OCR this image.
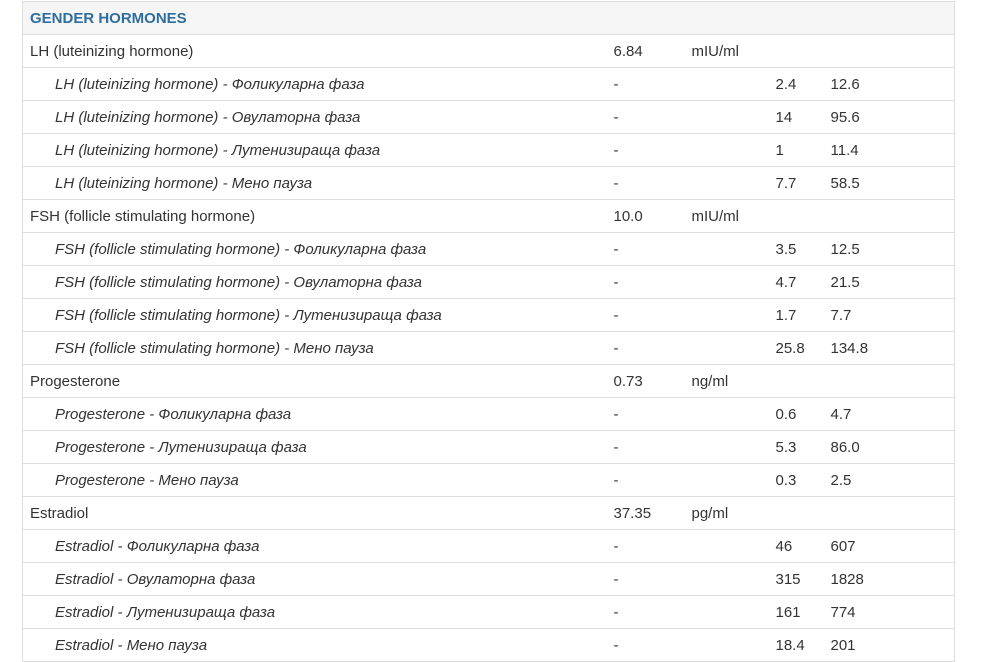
GENDER HORMONES				
LH (luteinizing hormone)	6.84	mIU/ml		
LH (luteinizing hormone) - Фоликуларна фаза	-		2.4	12.6
LH (luteinizing hormone) - Овулаторна фаза	-		14	95.6
LH (luteinizing hormone) - Лутенизираща фаза	-		1	11.4
LH (luteinizing hormone) - Мено пауза	-		7.7	58.5
FSH (follicle stimulating hormone)	10.0	mIU/ml		
FSH (follicle stimulating hormone) - Фоликуларна фаза	-		3.5	12.5
FSH (follicle stimulating hormone) - Овулаторна фаза	-		4.7	21.5
FSH (follicle stimulating hormone) - Лутенизираща фаза	-		1.7	7.7
FSH (follicle stimulating hormone) - Мено пауза	-		25.8	134.8
Progesterone	0.73	ng/ml		
Progesterone - Фоликуларна фаза	-		0.6	4.7
Progesterone - Лутенизираща фаза	-		5.3	86.0
Progesterone - Мено пауза	-		0.3	2.5
Estradiol	37.35	pg/ml		
Estradiol - Фоликуларна фаза	-		46	607
Estradiol - Овулаторна фаза	-		315	1828
Estradiol - Лутенизираща фаза	-		161	774
Estradiol - Мено пауза	-		18.4	201
